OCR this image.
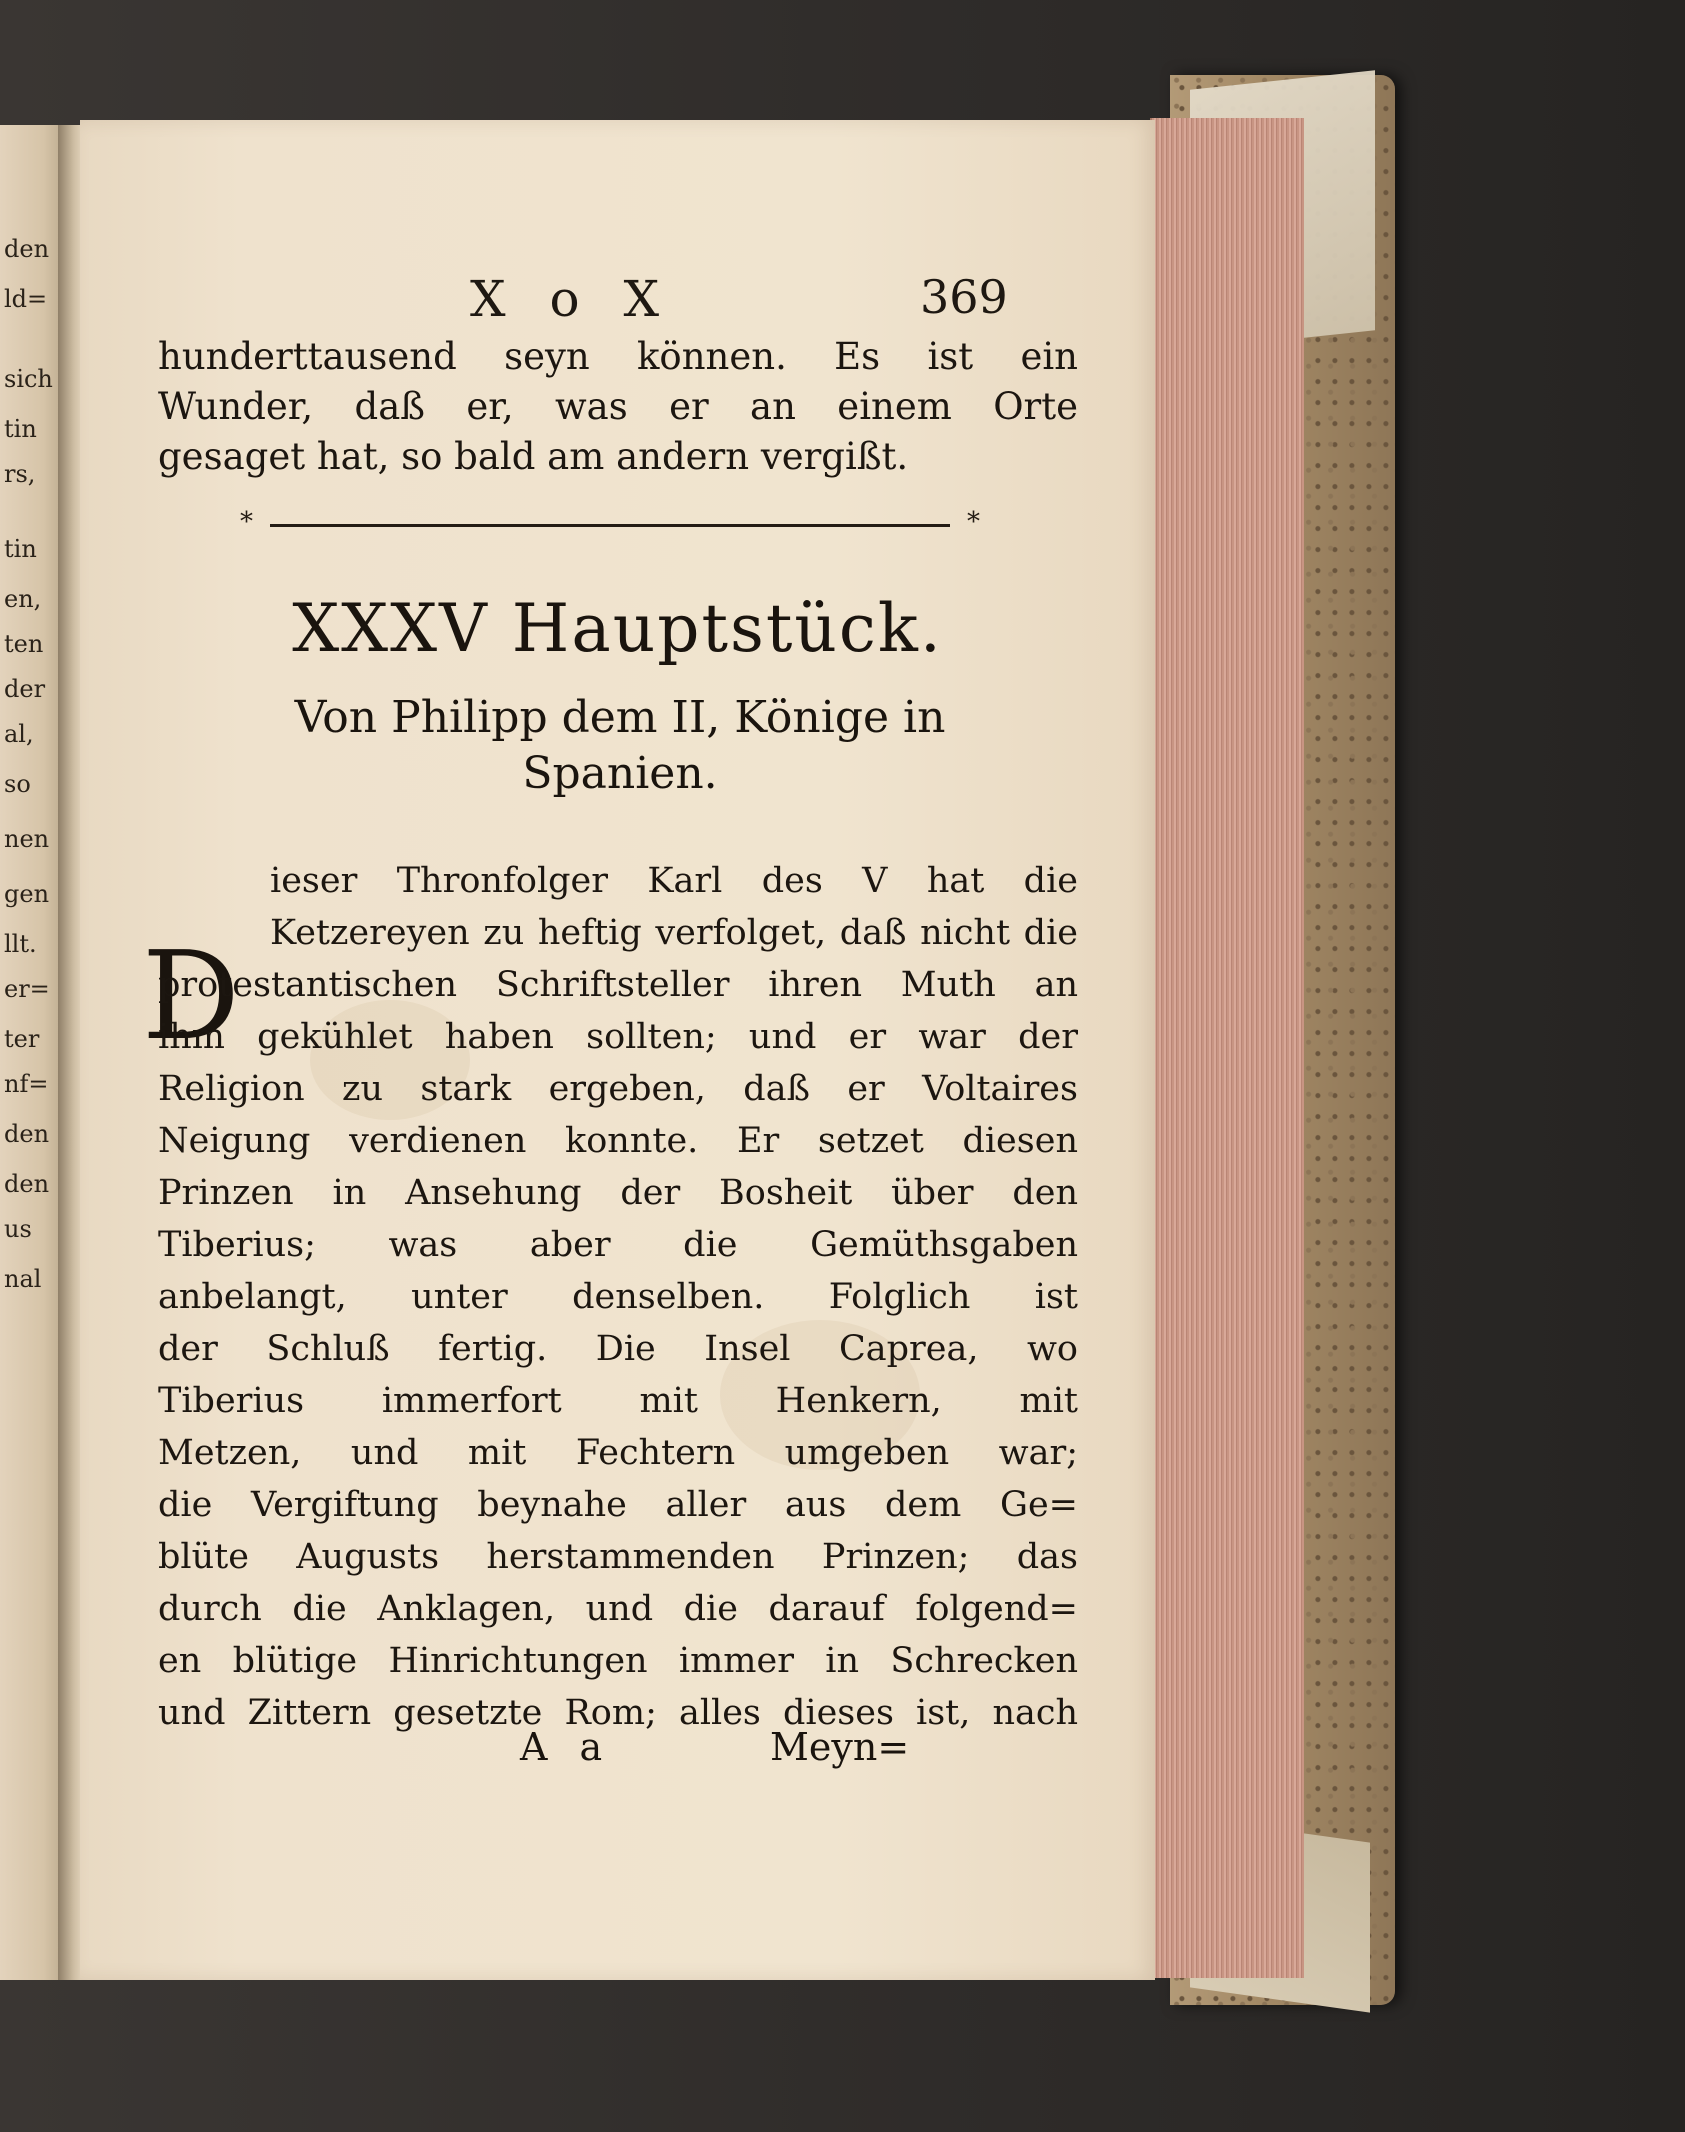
den
ld=
sich
tin
rs,
tin
en,
ten
der
al,
so
nen
gen
llt.
er=
ter
nf=
den
den
us
nal
X o X	369
hunderttausend seyn können. Es ist ein
Wunder, daß er, was er an einem Orte
gesaget hat, so bald am andern vergißt.
*	*
XXXV Hauptstück.
Von Philipp dem II, Könige in
Spanien.
D
ieser Thronfolger Karl des V hat die
Ketzereyen zu heftig verfolget, daß nicht die
protestantischen Schriftsteller ihren Muth an
ihm gekühlet haben sollten; und er war der
Religion zu stark ergeben, daß er Voltaires
Neigung verdienen konnte. Er setzet diesen
Prinzen in Ansehung der Bosheit über den
Tiberius; was aber die Gemüthsgaben
anbelangt, unter denselben. Folglich ist
der Schluß fertig. Die Insel Caprea, wo
Tiberius immerfort mit Henkern, mit
Metzen, und mit Fechtern umgeben war;
die Vergiftung beynahe aller aus dem Ge=
blüte Augusts herstammenden Prinzen; das
durch die Anklagen, und die darauf folgend=
en blütige Hinrichtungen immer in Schrecken
und Zittern gesetzte Rom; alles dieses ist, nach
A a	Meyn=
